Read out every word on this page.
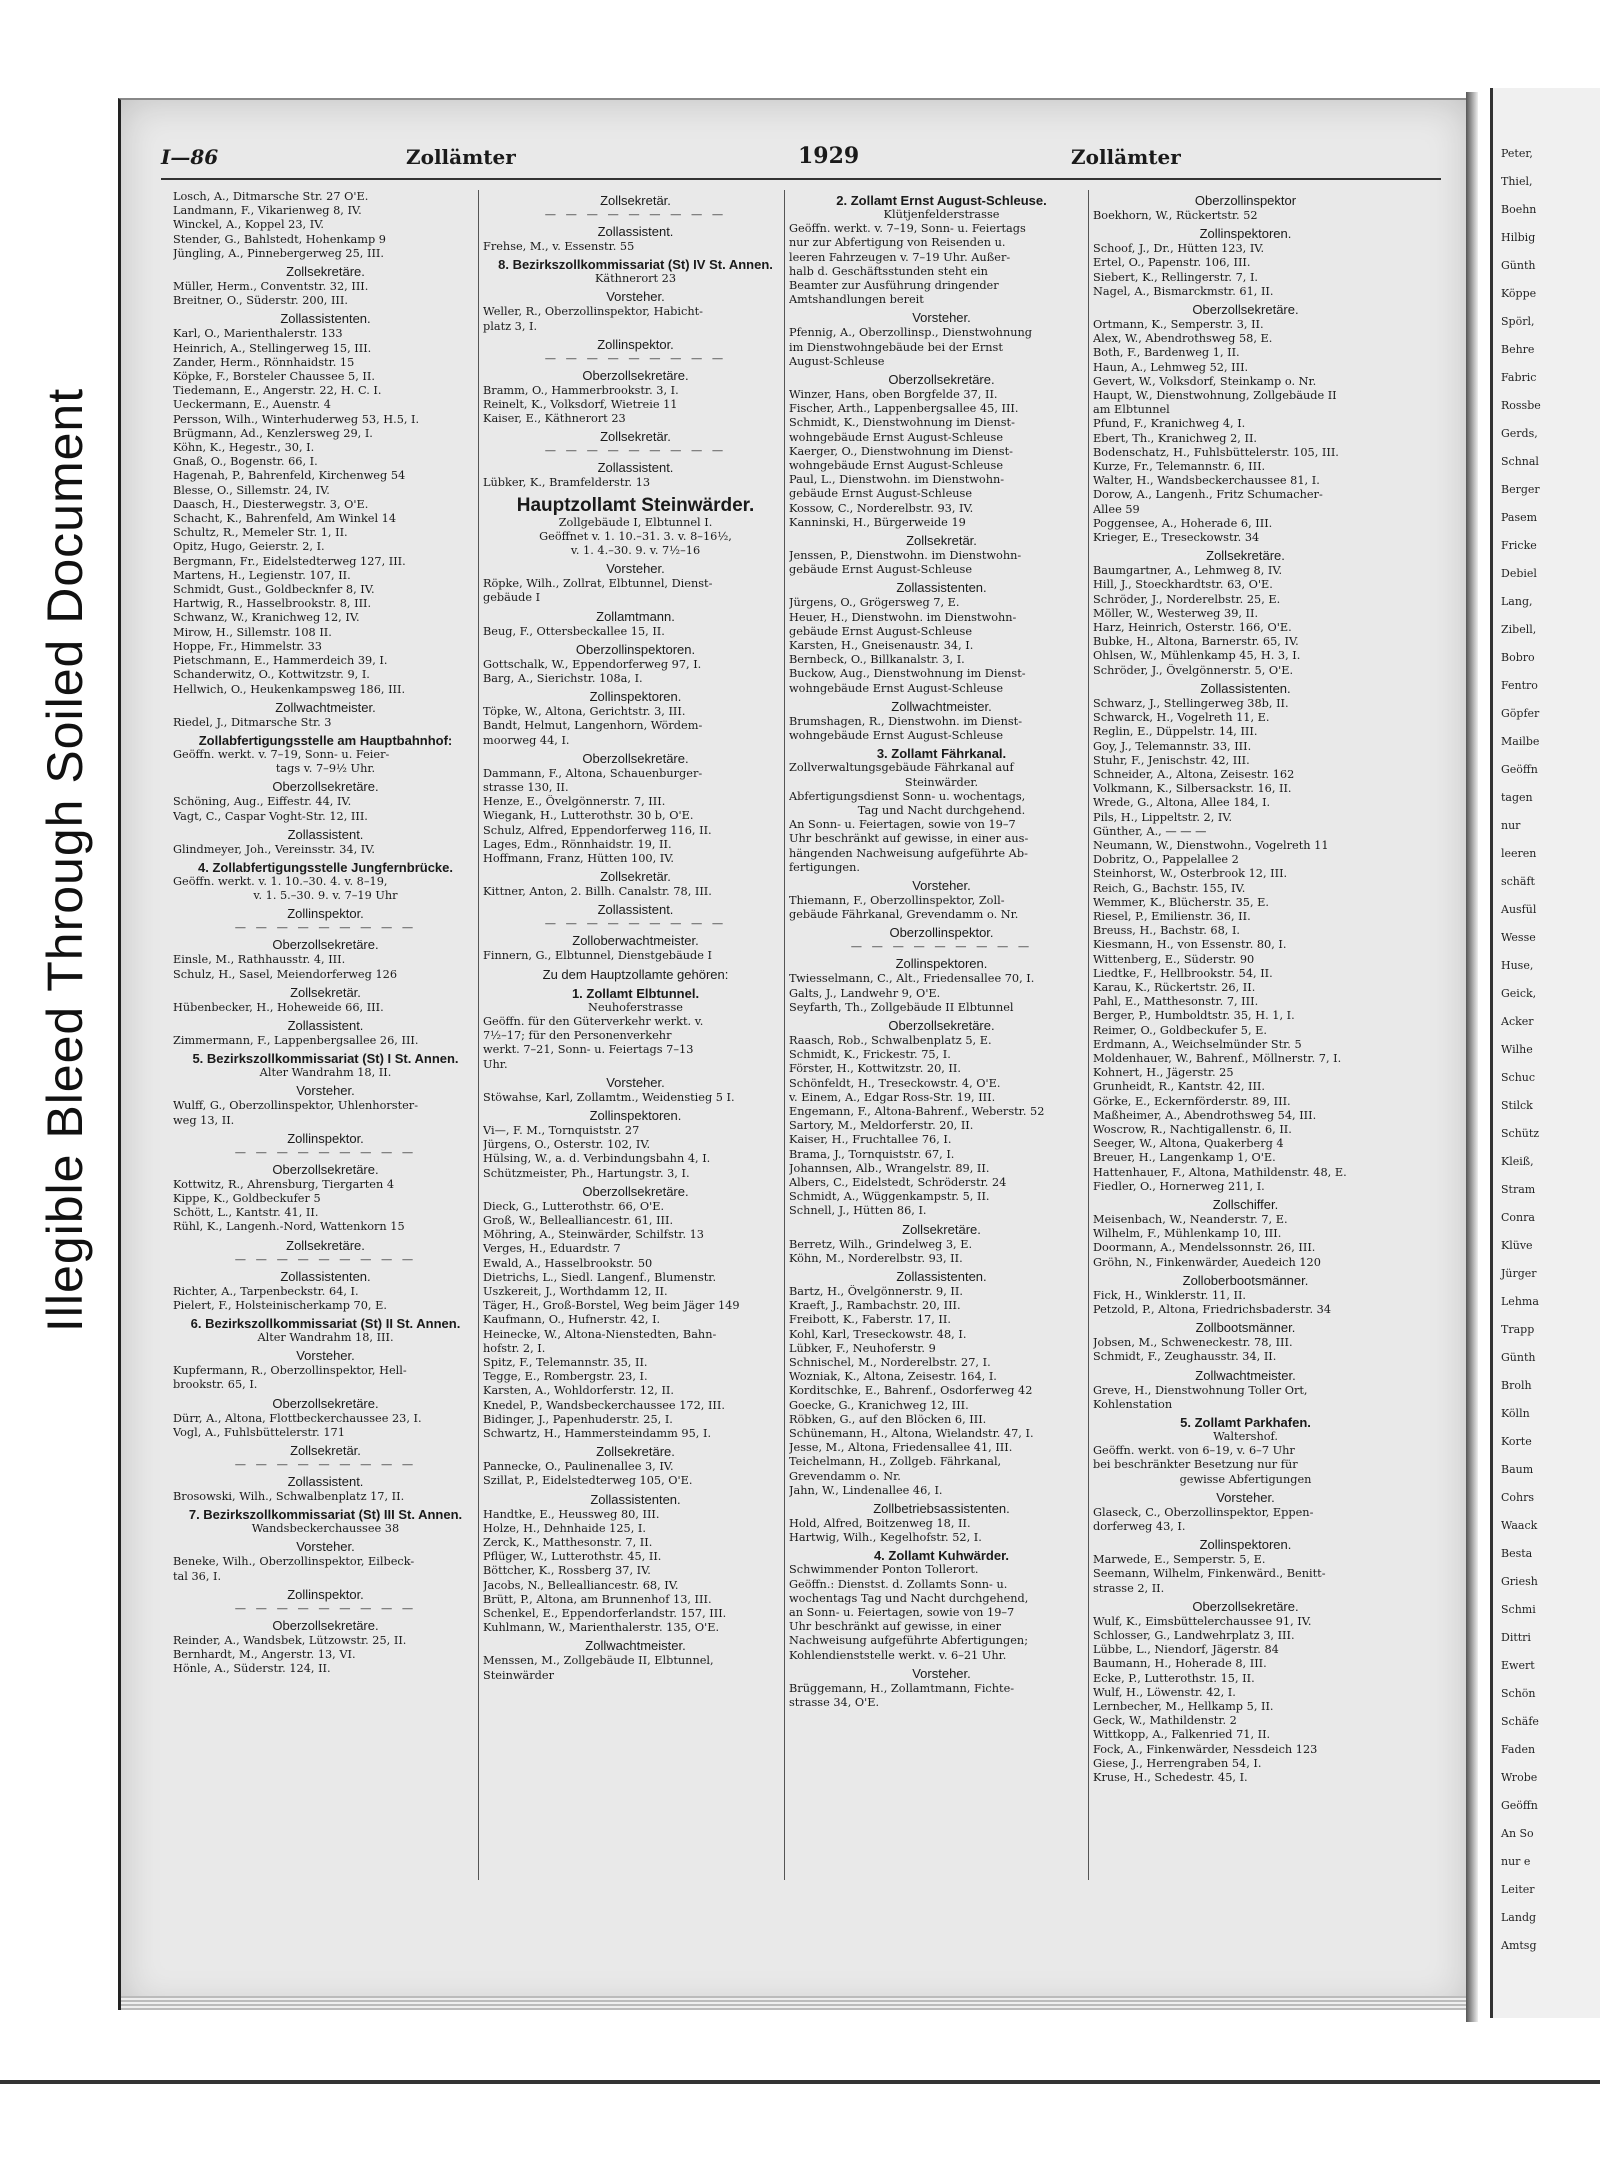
Illegible Bleed Through Soiled Document
I—86	Zollämter	1929	Zollämter
Losch, A., Ditmarsche Str. 27 O'E.
Landmann, F., Vikarienweg 8, IV.
Winckel, A., Koppel 23, IV.
Stender, G., Bahlstedt, Hohenkamp 9
Jüngling, A., Pinnebergerweg 25, III.
Zollsekretäre.
Müller, Herm., Conventstr. 32, III.
Breitner, O., Süderstr. 200, III.
Zollassistenten.
Karl, O., Marienthalerstr. 133
Heinrich, A., Stellingerweg 15, III.
Zander, Herm., Rönnhaidstr. 15
Köpke, F., Borsteler Chaussee 5, II.
Tiedemann, E., Angerstr. 22, H. C. I.
Ueckermann, E., Auenstr. 4
Persson, Wilh., Winterhuderweg 53, H.5, I.
Brügmann, Ad., Kenzlersweg 29, I.
Köhn, K., Hegestr., 30, I.
Gnaß, O., Bogenstr. 66, I.
Hagenah, P., Bahrenfeld, Kirchenweg 54
Blesse, O., Sillemstr. 24, IV.
Daasch, H., Diesterwegstr. 3, O'E.
Schacht, K., Bahrenfeld, Am Winkel 14
Schultz, R., Memeler Str. 1, II.
Opitz, Hugo, Geierstr. 2, I.
Bergmann, Fr., Eidelstedterweg 127, III.
Martens, H., Legienstr. 107, II.
Schmidt, Gust., Goldbecknfer 8, IV.
Hartwig, R., Hasselbrookstr. 8, III.
Schwanz, W., Kranichweg 12, IV.
Mirow, H., Sillemstr. 108 II.
Hoppe, Fr., Himmelstr. 33
Pietschmann, E., Hammerdeich 39, I.
Schanderwitz, O., Kottwitzstr. 9, I.
Hellwich, O., Heukenkampsweg 186, III.
Zollwachtmeister.
Riedel, J., Ditmarsche Str. 3
Zollabfertigungsstelle am Hauptbahnhof:
Geöffn. werkt. v. 7–19, Sonn- u. Feier-
tags v. 7–9½ Uhr.
Oberzollsekretäre.
Schöning, Aug., Eiffestr. 44, IV.
Vagt, C., Caspar Voght-Str. 12, III.
Zollassistent.
Glindmeyer, Joh., Vereinsstr. 34, IV.
4. Zollabfertigungsstelle Jungfernbrücke.
Geöffn. werkt. v. 1. 10.–30. 4. v. 8–19,
v. 1. 5.–30. 9. v. 7–19 Uhr
Zollinspektor.
— — — — — — — — —
Oberzollsekretäre.
Einsle, M., Rathhausstr. 4, III.
Schulz, H., Sasel, Meiendorferweg 126
Zollsekretär.
Hübenbecker, H., Hoheweide 66, III.
Zollassistent.
Zimmermann, F., Lappenbergsallee 26, III.
5. Bezirkszollkommissariat (St) I St. Annen.
Alter Wandrahm 18, II.
Vorsteher.
Wulff, G., Oberzollinspektor, Uhlenhorster-
weg 13, II.
Zollinspektor.
— — — — — — — — —
Oberzollsekretäre.
Kottwitz, R., Ahrensburg, Tiergarten 4
Kippe, K., Goldbeckufer 5
Schött, L., Kantstr. 41, II.
Rühl, K., Langenh.-Nord, Wattenkorn 15
Zollsekretäre.
— — — — — — — — —
Zollassistenten.
Richter, A., Tarpenbeckstr. 64, I.
Pielert, F., Holsteinischerkamp 70, E.
6. Bezirkszollkommissariat (St) II St. Annen.
Alter Wandrahm 18, III.
Vorsteher.
Kupfermann, R., Oberzollinspektor, Hell-
brookstr. 65, I.
Oberzollsekretäre.
Dürr, A., Altona, Flottbeckerchaussee 23, I.
Vogl, A., Fuhlsbüttelerstr. 171
Zollsekretär.
— — — — — — — — —
Zollassistent.
Brosowski, Wilh., Schwalbenplatz 17, II.
7. Bezirkszollkommissariat (St) III St. Annen.
Wandsbeckerchaussee 38
Vorsteher.
Beneke, Wilh., Oberzollinspektor, Eilbeck-
tal 36, I.
Zollinspektor.
— — — — — — — — —
Oberzollsekretäre.
Reinder, A., Wandsbek, Lützowstr. 25, II.
Bernhardt, M., Angerstr. 13, VI.
Hönle, A., Süderstr. 124, II.
Zollsekretär.
— — — — — — — — —
Zollassistent.
Frehse, M., v. Essenstr. 55
8. Bezirkszollkommissariat (St) IV St. Annen.
Käthnerort 23
Vorsteher.
Weller, R., Oberzollinspektor, Habicht-
platz 3, I.
Zollinspektor.
— — — — — — — — —
Oberzollsekretäre.
Bramm, O., Hammerbrookstr. 3, I.
Reinelt, K., Volksdorf, Wietreie 11
Kaiser, E., Käthnerort 23
Zollsekretär.
— — — — — — — — —
Zollassistent.
Lübker, K., Bramfelderstr. 13
Hauptzollamt Steinwärder.
Zollgebäude I, Elbtunnel I.
Geöffnet v. 1. 10.–31. 3. v. 8–16½,
v. 1. 4.–30. 9. v. 7½–16
Vorsteher.
Röpke, Wilh., Zollrat, Elbtunnel, Dienst-
gebäude I
Zollamtmann.
Beug, F., Ottersbeckallee 15, II.
Oberzollinspektoren.
Gottschalk, W., Eppendorferweg 97, I.
Barg, A., Sierichstr. 108a, I.
Zollinspektoren.
Töpke, W., Altona, Gerichtstr. 3, III.
Bandt, Helmut, Langenhorn, Wördem-
moorweg 44, I.
Oberzollsekretäre.
Dammann, F., Altona, Schauenburger-
strasse 130, II.
Henze, E., Övelgönnerstr. 7, III.
Wiegank, H., Lutterothstr. 30 b, O'E.
Schulz, Alfred, Eppendorferweg 116, II.
Lages, Edm., Rönnhaidstr. 19, II.
Hoffmann, Franz, Hütten 100, IV.
Zollsekretär.
Kittner, Anton, 2. Billh. Canalstr. 78, III.
Zollassistent.
— — — — — — — — —
Zolloberwachtmeister.
Finnern, G., Elbtunnel, Dienstgebäude I
Zu dem Hauptzollamte gehören:
1. Zollamt Elbtunnel.
Neuhoferstrasse
Geöffn. für den Güterverkehr werkt. v.
7½–17; für den Personenverkehr
werkt. 7–21, Sonn- u. Feiertags 7–13
Uhr.
Vorsteher.
Stöwahse, Karl, Zollamtm., Weidenstieg 5 I.
Zollinspektoren.
Vi—, F. M., Tornquiststr. 27
Jürgens, O., Osterstr. 102, IV.
Hülsing, W., a. d. Verbindungsbahn 4, I.
Schützmeister, Ph., Hartungstr. 3, I.
Oberzollsekretäre.
Dieck, G., Lutterothstr. 66, O'E.
Groß, W., Bellealliancestr. 61, III.
Möhring, A., Steinwärder, Schilfstr. 13
Verges, H., Eduardstr. 7
Ewald, A., Hasselbrookstr. 50
Dietrichs, L., Siedl. Langenf., Blumenstr.
Uszkereit, J., Worthdamm 12, II.
Täger, H., Groß-Borstel, Weg beim Jäger 149
Kaufmann, O., Hufnerstr. 42, I.
Heinecke, W., Altona-Nienstedten, Bahn-
hofstr. 2, I.
Spitz, F., Telemannstr. 35, II.
Tegge, E., Rombergstr. 23, I.
Karsten, A., Wohldorferstr. 12, II.
Knedel, P., Wandsbeckerchaussee 172, III.
Bidinger, J., Papenhuderstr. 25, I.
Schwartz, H., Hammersteindamm 95, I.
Zollsekretäre.
Pannecke, O., Paulinenallee 3, IV.
Szillat, P., Eidelstedterweg 105, O'E.
Zollassistenten.
Handtke, E., Heussweg 80, III.
Holze, H., Dehnhaide 125, I.
Zerck, K., Matthesonstr. 7, II.
Pflüger, W., Lutterothstr. 45, II.
Böttcher, K., Rossberg 37, IV.
Jacobs, N., Bellealliancestr. 68, IV.
Brütt, P., Altona, am Brunnenhof 13, III.
Schenkel, E., Eppendorferlandstr. 157, III.
Kuhlmann, W., Marienthalerstr. 135, O'E.
Zollwachtmeister.
Menssen, M., Zollgebäude II, Elbtunnel,
Steinwärder
2. Zollamt Ernst August-Schleuse.
Klütjenfelderstrasse
Geöffn. werkt. v. 7–19, Sonn- u. Feiertags
nur zur Abfertigung von Reisenden u.
leeren Fahrzeugen v. 7–19 Uhr. Außer-
halb d. Geschäftsstunden steht ein
Beamter zur Ausführung dringender
Amtshandlungen bereit
Vorsteher.
Pfennig, A., Oberzollinsp., Dienstwohnung
im Dienstwohngebäude bei der Ernst
August-Schleuse
Oberzollsekretäre.
Winzer, Hans, oben Borgfelde 37, II.
Fischer, Arth., Lappenbergsallee 45, III.
Schmidt, K., Dienstwohnung im Dienst-
wohngebäude Ernst August-Schleuse
Kaerger, O., Dienstwohnung im Dienst-
wohngebäude Ernst August-Schleuse
Paul, L., Dienstwohn. im Dienstwohn-
gebäude Ernst August-Schleuse
Kossow, C., Norderelbstr. 93, IV.
Kanninski, H., Bürgerweide 19
Zollsekretär.
Jenssen, P., Dienstwohn. im Dienstwohn-
gebäude Ernst August-Schleuse
Zollassistenten.
Jürgens, O., Grögersweg 7, E.
Heuer, H., Dienstwohn. im Dienstwohn-
gebäude Ernst August-Schleuse
Karsten, H., Gneisenaustr. 34, I.
Bernbeck, O., Billkanalstr. 3, I.
Buckow, Aug., Dienstwohnung im Dienst-
wohngebäude Ernst August-Schleuse
Zollwachtmeister.
Brumshagen, R., Dienstwohn. im Dienst-
wohngebäude Ernst August-Schleuse
3. Zollamt Fährkanal.
Zollverwaltungsgebäude Fährkanal auf
Steinwärder.
Abfertigungsdienst Sonn- u. wochentags,
Tag und Nacht durchgehend.
An Sonn- u. Feiertagen, sowie von 19–7
Uhr beschränkt auf gewisse, in einer aus-
hängenden Nachweisung aufgeführte Ab-
fertigungen.
Vorsteher.
Thiemann, F., Oberzollinspektor, Zoll-
gebäude Fährkanal, Grevendamm o. Nr.
Oberzollinspektor.
— — — — — — — — —
Zollinspektoren.
Twiesselmann, C., Alt., Friedensallee 70, I.
Galts, J., Landwehr 9, O'E.
Seyfarth, Th., Zollgebäude II Elbtunnel
Oberzollsekretäre.
Raasch, Rob., Schwalbenplatz 5, E.
Schmidt, K., Frickestr. 75, I.
Förster, H., Kottwitzstr. 20, II.
Schönfeldt, H., Treseckowstr. 4, O'E.
v. Einem, A., Edgar Ross-Str. 19, III.
Engemann, F., Altona-Bahrenf., Weberstr. 52
Sartory, M., Meldorferstr. 20, II.
Kaiser, H., Fruchtallee 76, I.
Brama, J., Tornquiststr. 67, I.
Johannsen, Alb., Wrangelstr. 89, II.
Albers, C., Eidelstedt, Schröderstr. 24
Schmidt, A., Wüggenkampstr. 5, II.
Schnell, J., Hütten 86, I.
Zollsekretäre.
Berretz, Wilh., Grindelweg 3, E.
Köhn, M., Norderelbstr. 93, II.
Zollassistenten.
Bartz, H., Övelgönnerstr. 9, II.
Kraeft, J., Rambachstr. 20, III.
Freibott, K., Faberstr. 17, II.
Kohl, Karl, Treseckowstr. 48, I.
Lübker, F., Neuhoferstr. 9
Schnischel, M., Norderelbstr. 27, I.
Wozniak, K., Altona, Zeisestr. 164, I.
Korditschke, E., Bahrenf., Osdorferweg 42
Goecke, G., Kranichweg 12, III.
Röbken, G., auf den Blöcken 6, III.
Schünemann, H., Altona, Wielandstr. 47, I.
Jesse, M., Altona, Friedensallee 41, III.
Teichelmann, H., Zollgeb. Fährkanal,
Grevendamm o. Nr.
Jahn, W., Lindenallee 46, I.
Zollbetriebsassistenten.
Hold, Alfred, Boitzenweg 18, II.
Hartwig, Wilh., Kegelhofstr. 52, I.
4. Zollamt Kuhwärder.
Schwimmender Ponton Tollerort.
Geöffn.: Dienstst. d. Zollamts Sonn- u.
wochentags Tag und Nacht durchgehend,
an Sonn- u. Feiertagen, sowie von 19–7
Uhr beschränkt auf gewisse, in einer
Nachweisung aufgeführte Abfertigungen;
Kohlendienststelle werkt. v. 6–21 Uhr.
Vorsteher.
Brüggemann, H., Zollamtmann, Fichte-
strasse 34, O'E.
Oberzollinspektor
Boekhorn, W., Rückertstr. 52
Zollinspektoren.
Schoof, J., Dr., Hütten 123, IV.
Ertel, O., Papenstr. 106, III.
Siebert, K., Rellingerstr. 7, I.
Nagel, A., Bismarckmstr. 61, II.
Oberzollsekretäre.
Ortmann, K., Semperstr. 3, II.
Alex, W., Abendrothsweg 58, E.
Both, F., Bardenweg 1, II.
Haun, A., Lehmweg 52, III.
Gevert, W., Volksdorf, Steinkamp o. Nr.
Haupt, W., Dienstwohnung, Zollgebäude II
am Elbtunnel
Pfund, F., Kranichweg 4, I.
Ebert, Th., Kranichweg 2, II.
Bodenschatz, H., Fuhlsbüttelerstr. 105, III.
Kurze, Fr., Telemannstr. 6, III.
Walter, H., Wandsbeckerchaussee 81, I.
Dorow, A., Langenh., Fritz Schumacher-
Allee 59
Poggensee, A., Hoherade 6, III.
Krieger, E., Treseckowstr. 34
Zollsekretäre.
Baumgartner, A., Lehmweg 8, IV.
Hill, J., Stoeckhardtstr. 63, O'E.
Schröder, J., Norderelbstr. 25, E.
Möller, W., Westerweg 39, II.
Harz, Heinrich, Osterstr. 166, O'E.
Bubke, H., Altona, Barnerstr. 65, IV.
Ohlsen, W., Mühlenkamp 45, H. 3, I.
Schröder, J., Övelgönnerstr. 5, O'E.
Zollassistenten.
Schwarz, J., Stellingerweg 38b, II.
Schwarck, H., Vogelreth 11, E.
Reglin, E., Düppelstr. 14, III.
Goy, J., Telemannstr. 33, III.
Stuhr, F., Jenischstr. 42, III.
Schneider, A., Altona, Zeisestr. 162
Volkmann, K., Silbersackstr. 16, II.
Wrede, G., Altona, Allee 184, I.
Pils, H., Lippeltstr. 2, IV.
Günther, A., — — —
Neumann, W., Dienstwohn., Vogelreth 11
Dobritz, O., Pappelallee 2
Steinhorst, W., Osterbrook 12, III.
Reich, G., Bachstr. 155, IV.
Wemmer, K., Blücherstr. 35, E.
Riesel, P., Emilienstr. 36, II.
Breuss, H., Bachstr. 68, I.
Kiesmann, H., von Essenstr. 80, I.
Wittenberg, E., Süderstr. 90
Liedtke, F., Hellbrookstr. 54, II.
Karau, K., Rückertstr. 26, II.
Pahl, E., Matthesonstr. 7, III.
Berger, P., Humboldtstr. 35, H. 1, I.
Reimer, O., Goldbeckufer 5, E.
Erdmann, A., Weichselmünder Str. 5
Moldenhauer, W., Bahrenf., Möllnerstr. 7, I.
Kohnert, H., Jägerstr. 25
Grunheidt, R., Kantstr. 42, III.
Görke, E., Eckernförderstr. 89, III.
Maßheimer, A., Abendrothsweg 54, III.
Woscrow, R., Nachtigallenstr. 6, II.
Seeger, W., Altona, Quakerberg 4
Breuer, H., Langenkamp 1, O'E.
Hattenhauer, F., Altona, Mathildenstr. 48, E.
Fiedler, O., Hornerweg 211, I.
Zollschiffer.
Meisenbach, W., Neanderstr. 7, E.
Wilhelm, F., Mühlenkamp 10, III.
Doormann, A., Mendelssonnstr. 26, III.
Gröhn, N., Finkenwärder, Auedeich 120
Zolloberbootsmänner.
Fick, H., Winklerstr. 11, II.
Petzold, P., Altona, Friedrichsbaderstr. 34
Zollbootsmänner.
Jobsen, M., Schweneckestr. 78, III.
Schmidt, F., Zeughausstr. 34, II.
Zollwachtmeister.
Greve, H., Dienstwohnung Toller Ort,
Kohlenstation
5. Zollamt Parkhafen.
Waltershof.
Geöffn. werkt. von 6–19, v. 6–7 Uhr
bei beschränkter Besetzung nur für
gewisse Abfertigungen
Vorsteher.
Glaseck, C., Oberzollinspektor, Eppen-
dorferweg 43, I.
Zollinspektoren.
Marwede, E., Semperstr. 5, E.
Seemann, Wilhelm, Finkenwärd., Benitt-
strasse 2, II.
Oberzollsekretäre.
Wulf, K., Eimsbüttelerchaussee 91, IV.
Schlosser, G., Landwehrplatz 3, III.
Lübbe, L., Niendorf, Jägerstr. 84
Baumann, H., Hoherade 8, III.
Ecke, P., Lutterothstr. 15, II.
Wulf, H., Löwenstr. 42, I.
Lernbecher, M., Hellkamp 5, II.
Geck, W., Mathildenstr. 2
Wittkopp, A., Falkenried 71, II.
Fock, A., Finkenwärder, Nessdeich 123
Giese, J., Herrengraben 54, I.
Kruse, H., Schedestr. 45, I.
Peter,
Thiel,
Boehn
Hilbig
Günth
Köppe
Spörl,
Behre
Fabric
Rossbe
Gerds,
Schnal
Berger
Pasem
Fricke
Debiel
Lang,
Zibell,
Bobro
Fentro
Göpfer
Mailbe
Geöffn
tagen
nur
leeren
schäft
Ausfül
Wesse
Huse,
Geick,
Acker
Wilhe
Schuc
Stilck
Schütz
Kleiß,
Stram
Conra
Klüve
Jürger
Lehma
Trapp
Günth
Brolh
Kölln
Korte
Baum
Cohrs
Waack
Besta
Griesh
Schmi
Dittri
Ewert
Schön
Schäfe
Faden
Wrobe
Geöffn
An So
nur e
Leiter
Landg
Amtsg
